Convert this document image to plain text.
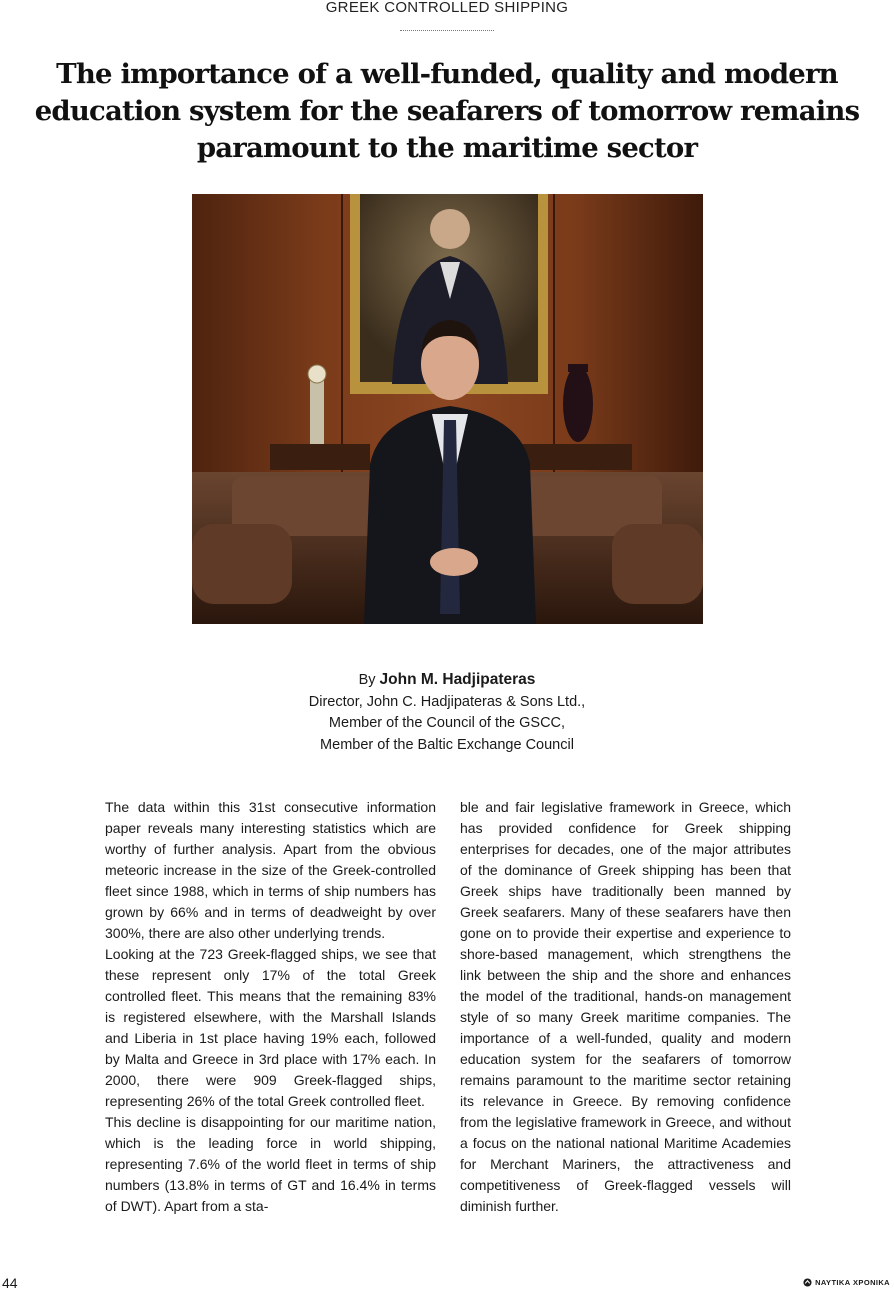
GREEK CONTROLLED SHIPPING
The importance of a well-funded, quality and modern education system for the seafarers of tomorrow remains paramount to the maritime sector
By John M. Hadjipateras
Director, John C. Hadjipateras & Sons Ltd.,
Member of the Council of the GSCC,
Member of the Baltic Exchange Council

The data within this 31st consecutive information paper reveals many interesting statistics which are worthy of further analysis. Apart from the obvious meteoric increase in the size of the Greek-controlled fleet since 1988, which in terms of ship numbers has grown by 66% and in terms of deadweight by over 300%, there are also other underlying trends.

Looking at the 723 Greek-flagged ships, we see that these represent only 17% of the total Greek controlled fleet. This means that the remaining 83% is registered elsewhere, with the Marshall Islands and Liberia in 1st place having 19% each, followed by Malta and Greece in 3rd place with 17% each. In 2000, there were 909 Greek-flagged ships, representing 26% of the total Greek controlled fleet.

This decline is disappointing for our maritime nation, which is the leading force in world shipping, representing 7.6% of the world fleet in terms of ship numbers (13.8% in terms of GT and 16.4% in terms of DWT). Apart from a sta-

ble and fair legislative framework in Greece, which has provided confidence for Greek shipping enterprises for decades, one of the major attributes of the dominance of Greek shipping has been that Greek ships have traditionally been manned by Greek seafarers. Many of these seafarers have then gone on to provide their expertise and experience to shore-based management, which strengthens the link between the ship and the shore and enhances the model of the traditional, hands-on management style of so many Greek maritime companies. The importance of a well-funded, quality and modern education system for the seafarers of tomorrow remains paramount to the maritime sector retaining its relevance in Greece. By removing confidence from the legislative framework in Greece, and without a focus on the national national Maritime Academies for Merchant Mariners, the attractiveness and competitiveness of Greek-flagged vessels will diminish further.

44	ΝΑΥΤΙΚΑ ΧΡΟΝΙΚΑ
